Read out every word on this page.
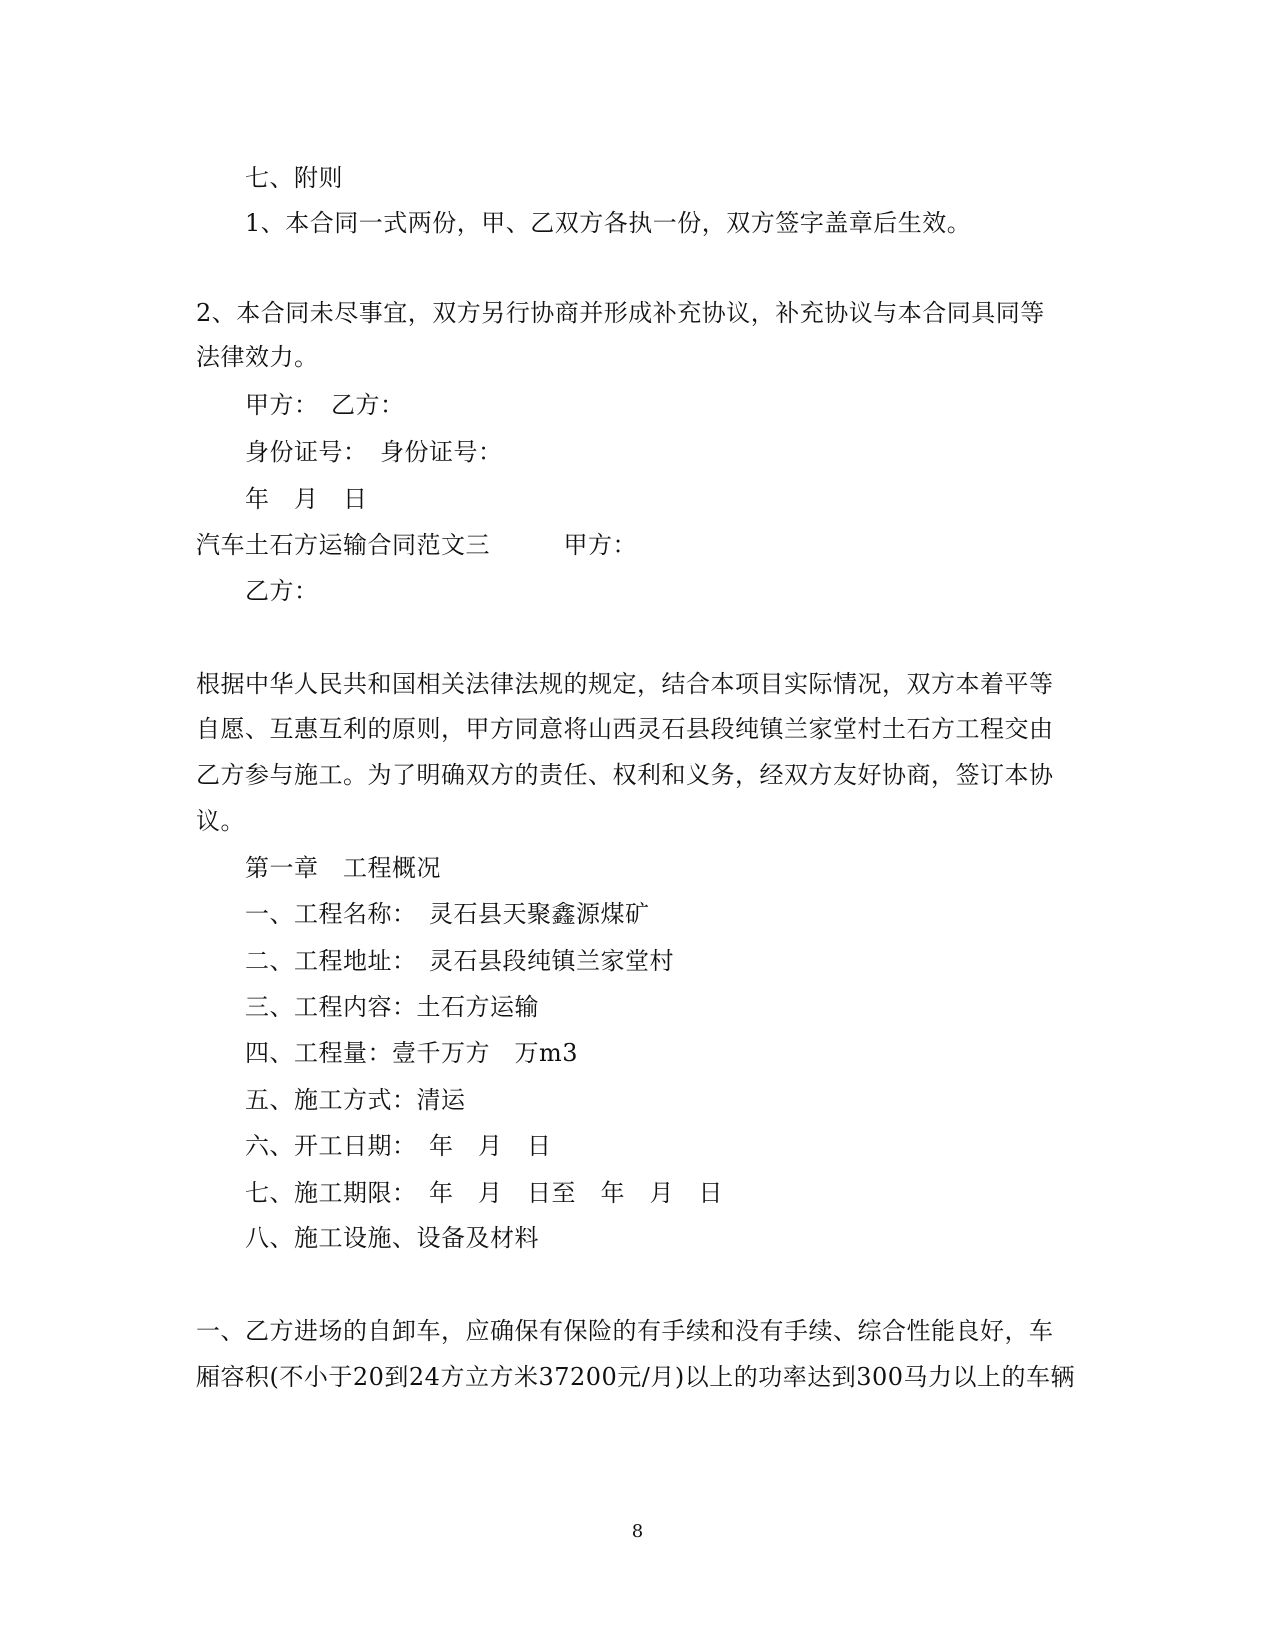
七、附则
1、本合同一式两份，甲、乙双方各执一份，双方签字盖章后生效。
2、本合同未尽事宜，双方另行协商并形成补充协议，补充协议与本合同具同等
法律效力。
甲方：　乙方：
身份证号：　身份证号：
年　月　日
汽车土石方运输合同范文三　　　甲方：
乙方：
根据中华人民共和国相关法律法规的规定，结合本项目实际情况，双方本着平等
自愿、互惠互利的原则，甲方同意将山西灵石县段纯镇兰家堂村土石方工程交由
乙方参与施工。为了明确双方的责任、权利和义务，经双方友好协商，签订本协
议。
第一章　工程概况
一、工程名称：　灵石县天聚鑫源煤矿
二、工程地址：　灵石县段纯镇兰家堂村
三、工程内容：土石方运输
四、工程量：壹千万方　万m3
五、施工方式：清运
六、开工日期：　年　月　日
七、施工期限：　年　月　日至　年　月　日
八、施工设施、设备及材料
一、乙方进场的自卸车，应确保有保险的有手续和没有手续、综合性能良好，车
厢容积(不小于20到24方立方米37200元/月)以上的功率达到300马力以上的车辆
8
